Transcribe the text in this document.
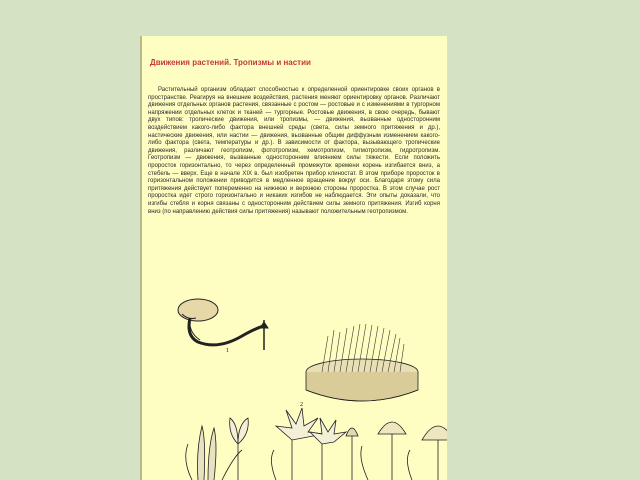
Движения растений. Тропизмы и настии
Растительный организм обладает способностью к определенной ориентировке своих органов в пространстве. Реагируя на внешние воздействия, растения меняют ориентировку органов. Различают движения отдельных органов растения, связанные с ростом — ростовые и с изменениями в тургорном напряжении отдельных клеток и тканей — тургорные. Ростовые движения, в свою очередь, бывают двух типов: тропические движения, или тропизмы, — движения, вызванные односторонним воздействием какого-либо фактора внешней среды (света, силы земного притяжения и др.), настические движения, или настии — движения, вызванные общим диффузным изменением какого-либо фактора (света, температуры и др.). В зависимости от фактора, вызывающего тропические движения, различают геотропизм, фототропизм, хемотропизм, тигмотропизм, гидротропизм. Геотропизм — движения, вызванные односторонним влиянием силы тяжести. Если положить проросток горизонтально, то через определенный промежуток времени корень изгибается вниз, а стебель — вверх. Еще в начале XIX в. был изобретен прибор клиностат. В этом приборе проросток в горизонтальном положении приводится в медленное вращение вокруг оси. Благодаря этому сила притяжения действует попеременно на нижнюю и верхнюю стороны проростка. В этом случае рост проростка идет строго горизонтально и никаких изгибов не наблюдается. Эти опыты доказали, что изгибы стебля и корня связаны с односторонним действием силы земного притяжения. Изгиб корня вниз (по направлению действия силы притяжения) называют положительным геотропизмом.
1
2
